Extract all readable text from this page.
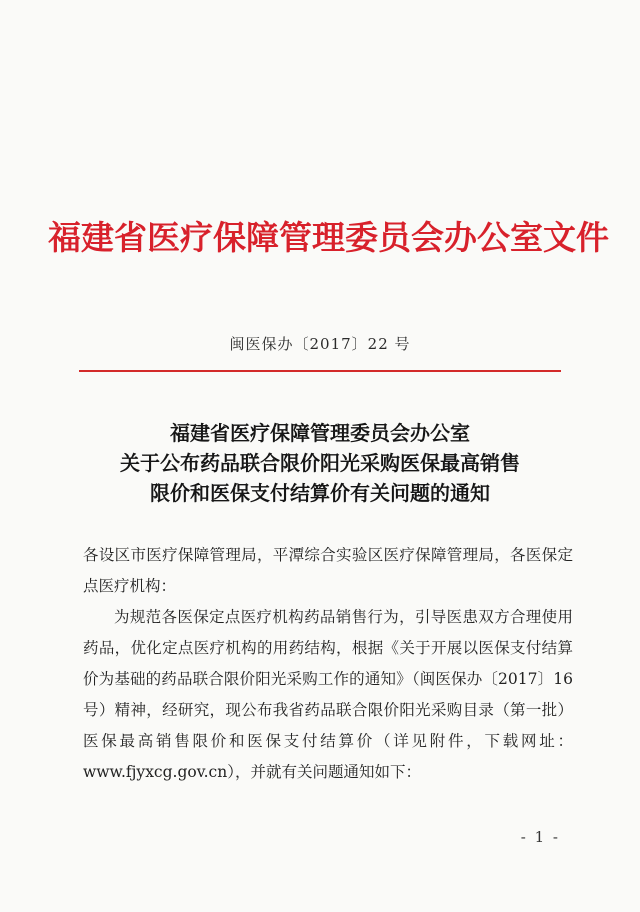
福建省医疗保障管理委员会办公室文件
闽医保办〔2017〕22 号
福建省医疗保障管理委员会办公室
关于公布药品联合限价阳光采购医保最高销售
限价和医保支付结算价有关问题的通知

各设区市医疗保障管理局，平潭综合实验区医疗保障管理局，各医保定点医疗机构：

为规范各医保定点医疗机构药品销售行为，引导医患双方合理使用药品，优化定点医疗机构的用药结构，根据《关于开展以医保支付结算价为基础的药品联合限价阳光采购工作的通知》（闽医保办〔2017〕16号）精神，经研究，现公布我省药品联合限价阳光采购目录（第一批）医保最高销售限价和医保支付结算价（详见附件，下载网址：www.fjyxcg.gov.cn），并就有关问题通知如下：

- 1 -
